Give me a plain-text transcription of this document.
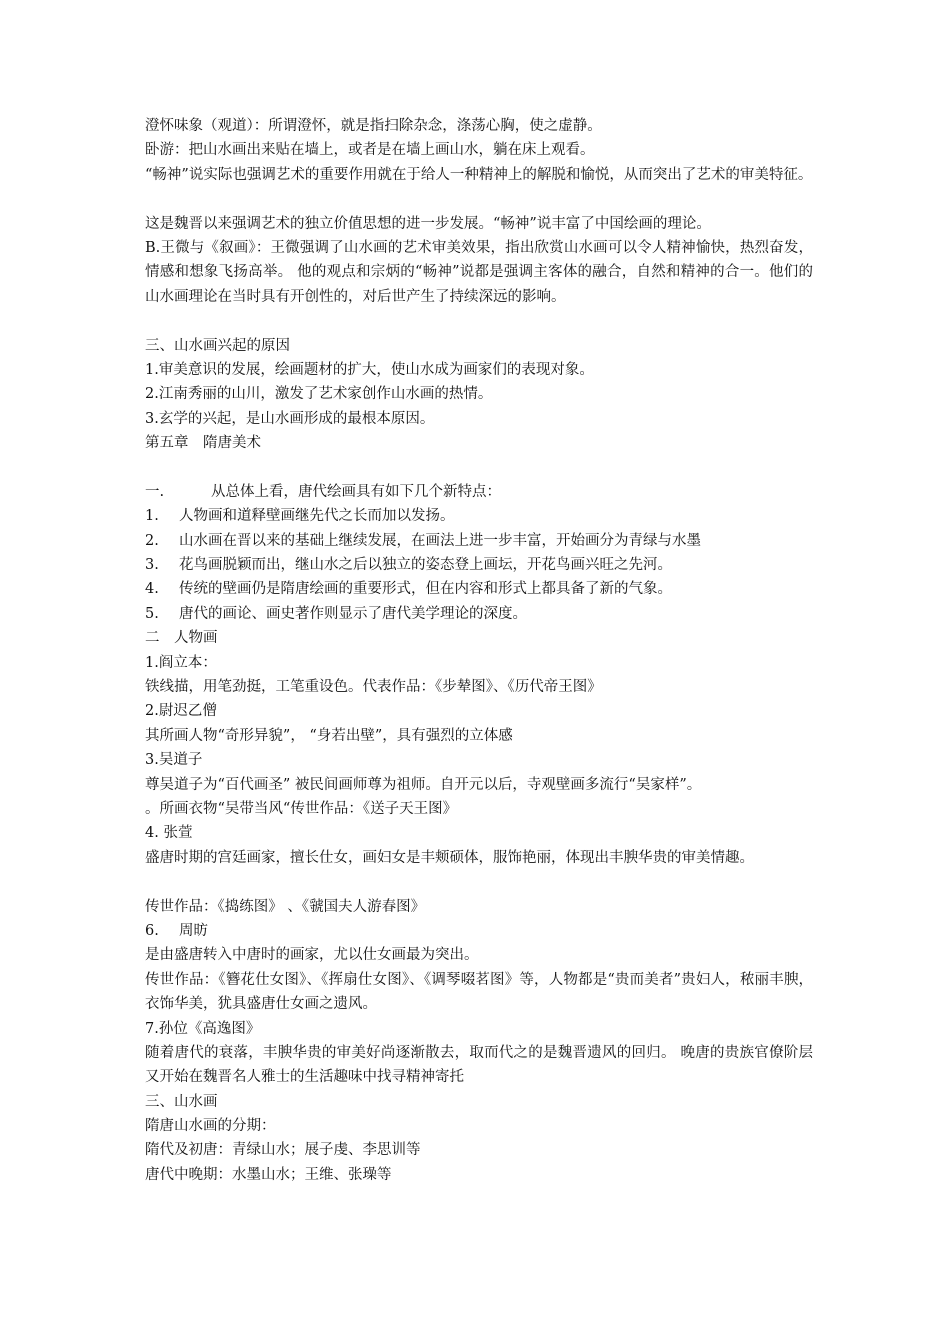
澄怀味象（观道）：所谓澄怀，就是指扫除杂念，涤荡心胸，使之虚静。
卧游：把山水画出来贴在墙上，或者是在墙上画山水，躺在床上观看。
“畅神”说实际也强调艺术的重要作用就在于给人一种精神上的解脱和愉悦，从而突出了艺术的审美特征。
这是魏晋以来强调艺术的独立价值思想的进一步发展。“畅神”说丰富了中国绘画的理论。
B.王微与《叙画》：王微强调了山水画的艺术审美效果，指出欣赏山水画可以令人精神愉快，热烈奋发，情感和想象飞扬高举。 他的观点和宗炳的“畅神”说都是强调主客体的融合，自然和精神的合一。他们的山水画理论在当时具有开创性的，对后世产生了持续深远的影响。
三、山水画兴起的原因
1.审美意识的发展，绘画题材的扩大，使山水成为画家们的表现对象。
2.江南秀丽的山川，激发了艺术家创作山水画的热情。
3.玄学的兴起，是山水画形成的最根本原因。
第五章　隋唐美术
一.	从总体上看，唐代绘画具有如下几个新特点：
1. 人物画和道释壁画继先代之长而加以发扬。
2. 山水画在晋以来的基础上继续发展，在画法上进一步丰富，开始画分为青绿与水墨
3. 花鸟画脱颖而出，继山水之后以独立的姿态登上画坛，开花鸟画兴旺之先河。
4. 传统的壁画仍是隋唐绘画的重要形式，但在内容和形式上都具备了新的气象。
5. 唐代的画论、画史著作则显示了唐代美学理论的深度。
二　人物画
1.阎立本：
铁线描，用笔劲挺，工笔重设色。代表作品：《步辇图》、《历代帝王图》
2.尉迟乙僧
其所画人物“奇形异貌”， “身若出壁”，具有强烈的立体感
3.吴道子
尊吴道子为“百代画圣” 被民间画师尊为祖师。自开元以后，寺观壁画多流行“吴家样”。
。所画衣物“吴带当风“传世作品：《送子天王图》
4. 张萱
盛唐时期的宫廷画家，擅长仕女，画妇女是丰颊硕体，服饰艳丽，体现出丰腴华贵的审美情趣。
传世作品：《捣练图》 、《虢国夫人游春图》
6. 周昉
是由盛唐转入中唐时的画家，尤以仕女画最为突出。
传世作品：《簪花仕女图》、《挥扇仕女图》、《调琴啜茗图》等，人物都是“贵而美者”贵妇人，秾丽丰腴，衣饰华美，犹具盛唐仕女画之遗风。
7.孙位《高逸图》
随着唐代的衰落，丰腴华贵的审美好尚逐渐散去，取而代之的是魏晋遗风的回归。 晚唐的贵族官僚阶层又开始在魏晋名人雅士的生活趣味中找寻精神寄托
三、山水画
隋唐山水画的分期：
隋代及初唐：青绿山水；展子虔、李思训等
唐代中晚期：水墨山水；王维、张璪等
